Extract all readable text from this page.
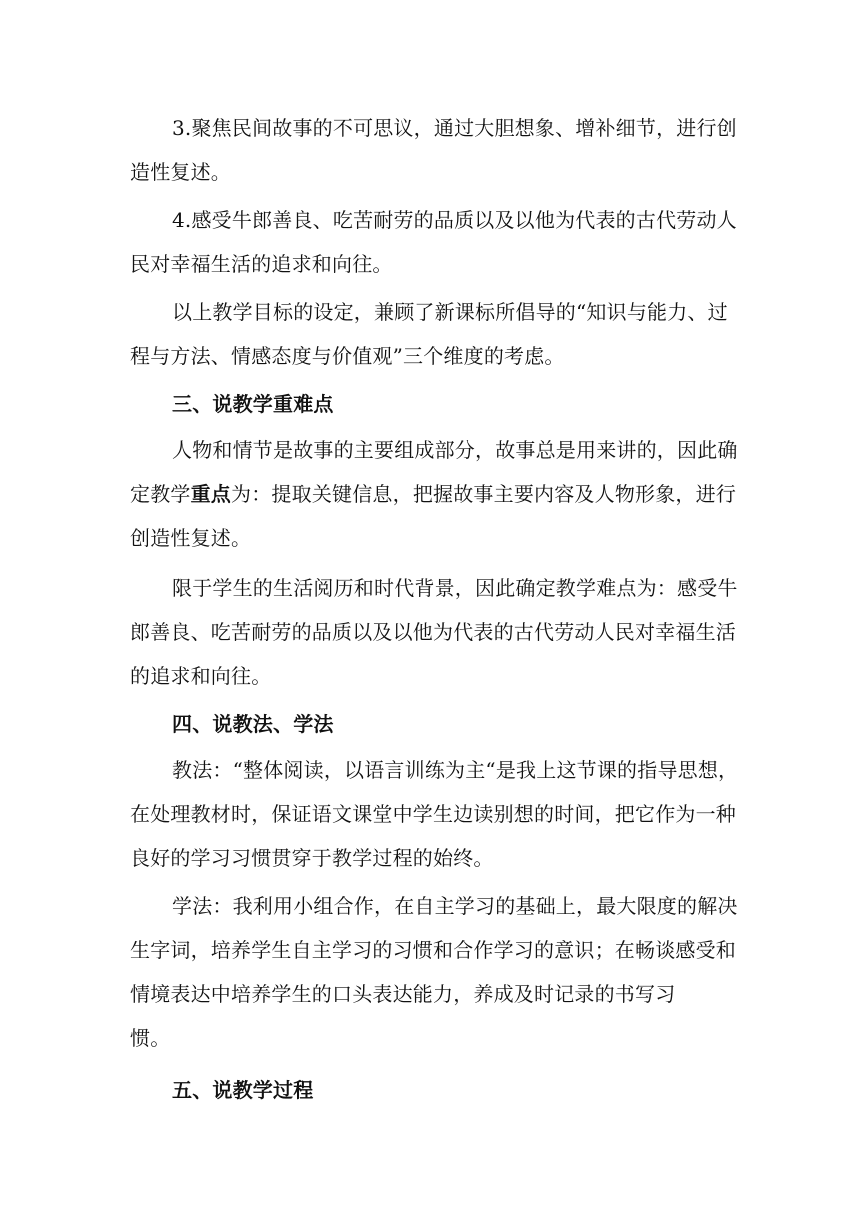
3.聚焦民间故事的不可思议，通过大胆想象、增补细节，进行创
造性复述。
4.感受牛郎善良、吃苦耐劳的品质以及以他为代表的古代劳动人
民对幸福生活的追求和向往。
以上教学目标的设定，兼顾了新课标所倡导的“知识与能力、过
程与方法、情感态度与价值观”三个维度的考虑。
三、说教学重难点
人物和情节是故事的主要组成部分，故事总是用来讲的，因此确
定教学重点为：提取关键信息，把握故事主要内容及人物形象，进行
创造性复述。
限于学生的生活阅历和时代背景，因此确定教学难点为：感受牛
郎善良、吃苦耐劳的品质以及以他为代表的古代劳动人民对幸福生活
的追求和向往。
四、说教法、学法
教法：“整体阅读，以语言训练为主“是我上这节课的指导思想，
在处理教材时，保证语文课堂中学生边读别想的时间，把它作为一种
良好的学习习惯贯穿于教学过程的始终。
学法：我利用小组合作，在自主学习的基础上，最大限度的解决
生字词，培养学生自主学习的习惯和合作学习的意识；在畅谈感受和
情境表达中培养学生的口头表达能力，养成及时记录的书写习
惯。
五、说教学过程
